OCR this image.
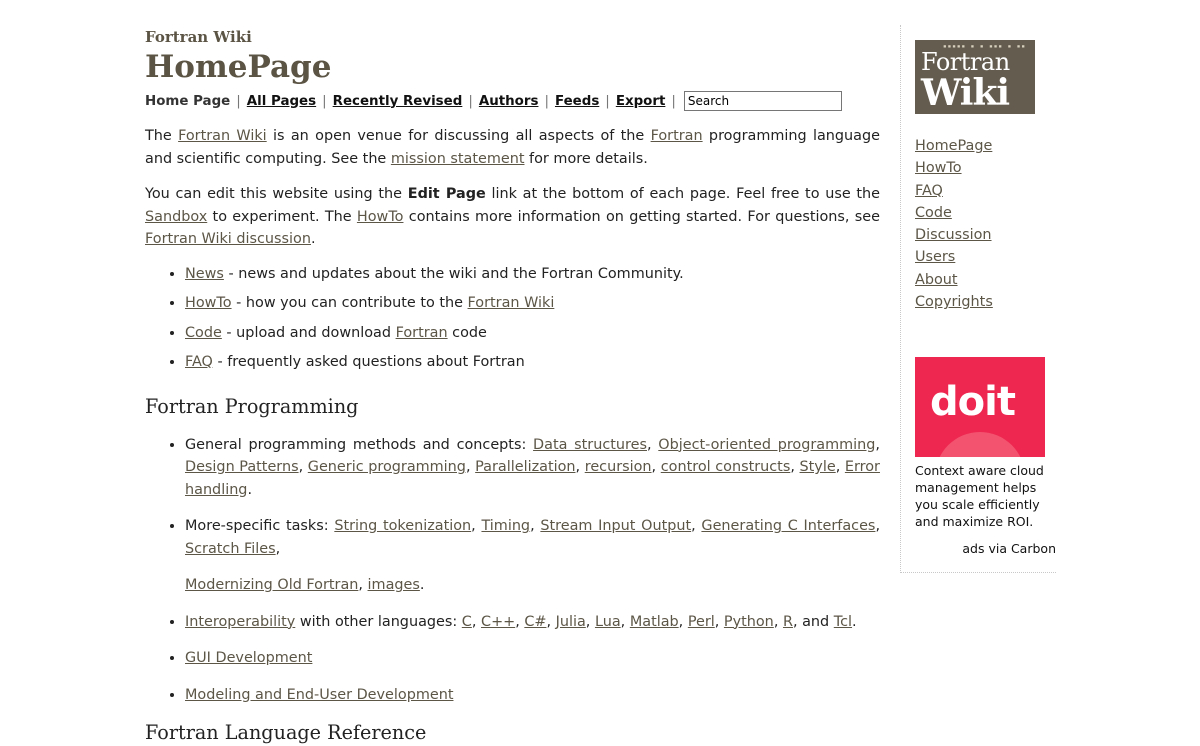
Fortran Wiki
HomePage
Home Page | All Pages | Recently Revised | Authors | Feeds | Export |
Search

The Fortran Wiki is an open venue for discussing all aspects of the Fortran programming language and scientific computing. See the mission statement for more details.

You can edit this website using the Edit Page link at the bottom of each page. Feel free to use the Sandbox to experiment. The HowTo contains more information on getting started. For questions, see Fortran Wiki discussion.

• News - news and updates about the wiki and the Fortran Community.
• HowTo - how you can contribute to the Fortran Wiki
• Code - upload and download Fortran code
• FAQ - frequently asked questions about Fortran
Fortran Programming
• General programming methods and concepts: Data structures, Object-oriented programming, Design Patterns, Generic programming, Parallelization, recursion, control constructs, Style, Error handling.
• More-specific tasks: String tokenization, Timing, Stream Input Output, Generating C Interfaces, Scratch Files,
Modernizing Old Fortran, images.
• Interoperability with other languages: C, C++, C#, Julia, Lua, Matlab, Perl, Python, R, and Tcl.
• GUI Development
• Modeling and End-User Development
Fortran Language Reference
▪▪▪▪▪ ▪ ▪ ▪▪▪ ▪ ▪▪
Fortran
Wiki
HomePage
HowTo
FAQ
Code
Discussion
Users
About
Copyrights
doit
Context aware cloud management helps you scale efficiently and maximize ROI.
ads via Carbon
